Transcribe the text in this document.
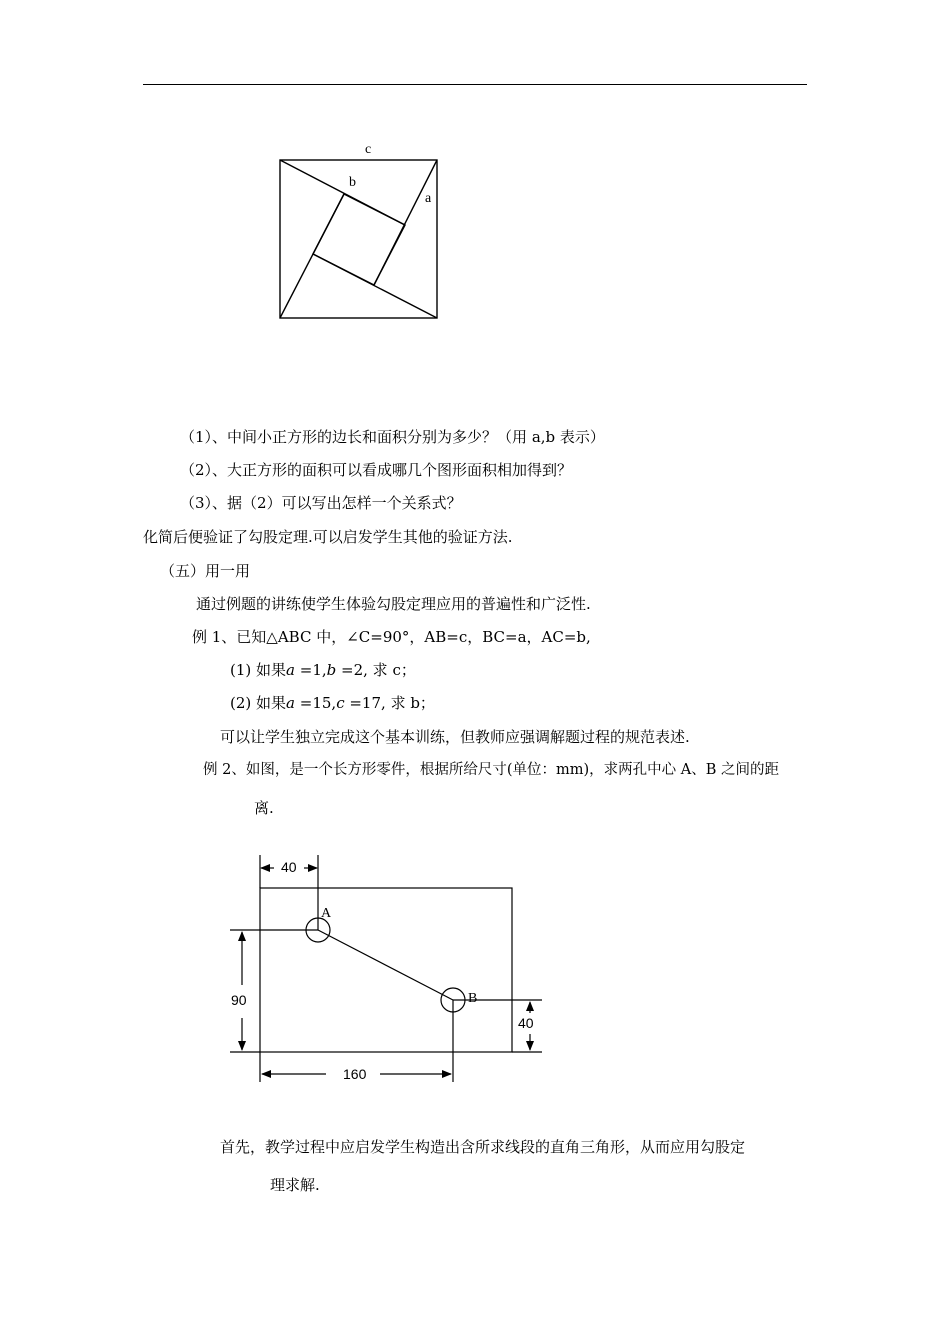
c
b
a
（1）、中间小正方形的边长和面积分别为多少？（用 a,b 表示）
（2）、大正方形的面积可以看成哪几个图形面积相加得到？
（3）、据（2）可以写出怎样一个关系式？
化简后便验证了勾股定理.可以启发学生其他的验证方法.
（五）用一用
通过例题的讲练使学生体验勾股定理应用的普遍性和广泛性.
例 1、已知△ABC 中，∠C=90°，AB=c，BC=a，AC=b,
(1) 如果a =1,b =2, 求 c；
(2) 如果a =15,c =17, 求 b；
可以让学生独立完成这个基本训练，但教师应强调解题过程的规范表述.
例 2、如图，是一个长方形零件，根据所给尺寸(单位：mm)，求两孔中心 A、B 之间的距
离.
40
90
40
160
A
B
首先，教学过程中应启发学生构造出含所求线段的直角三角形，从而应用勾股定
理求解.
